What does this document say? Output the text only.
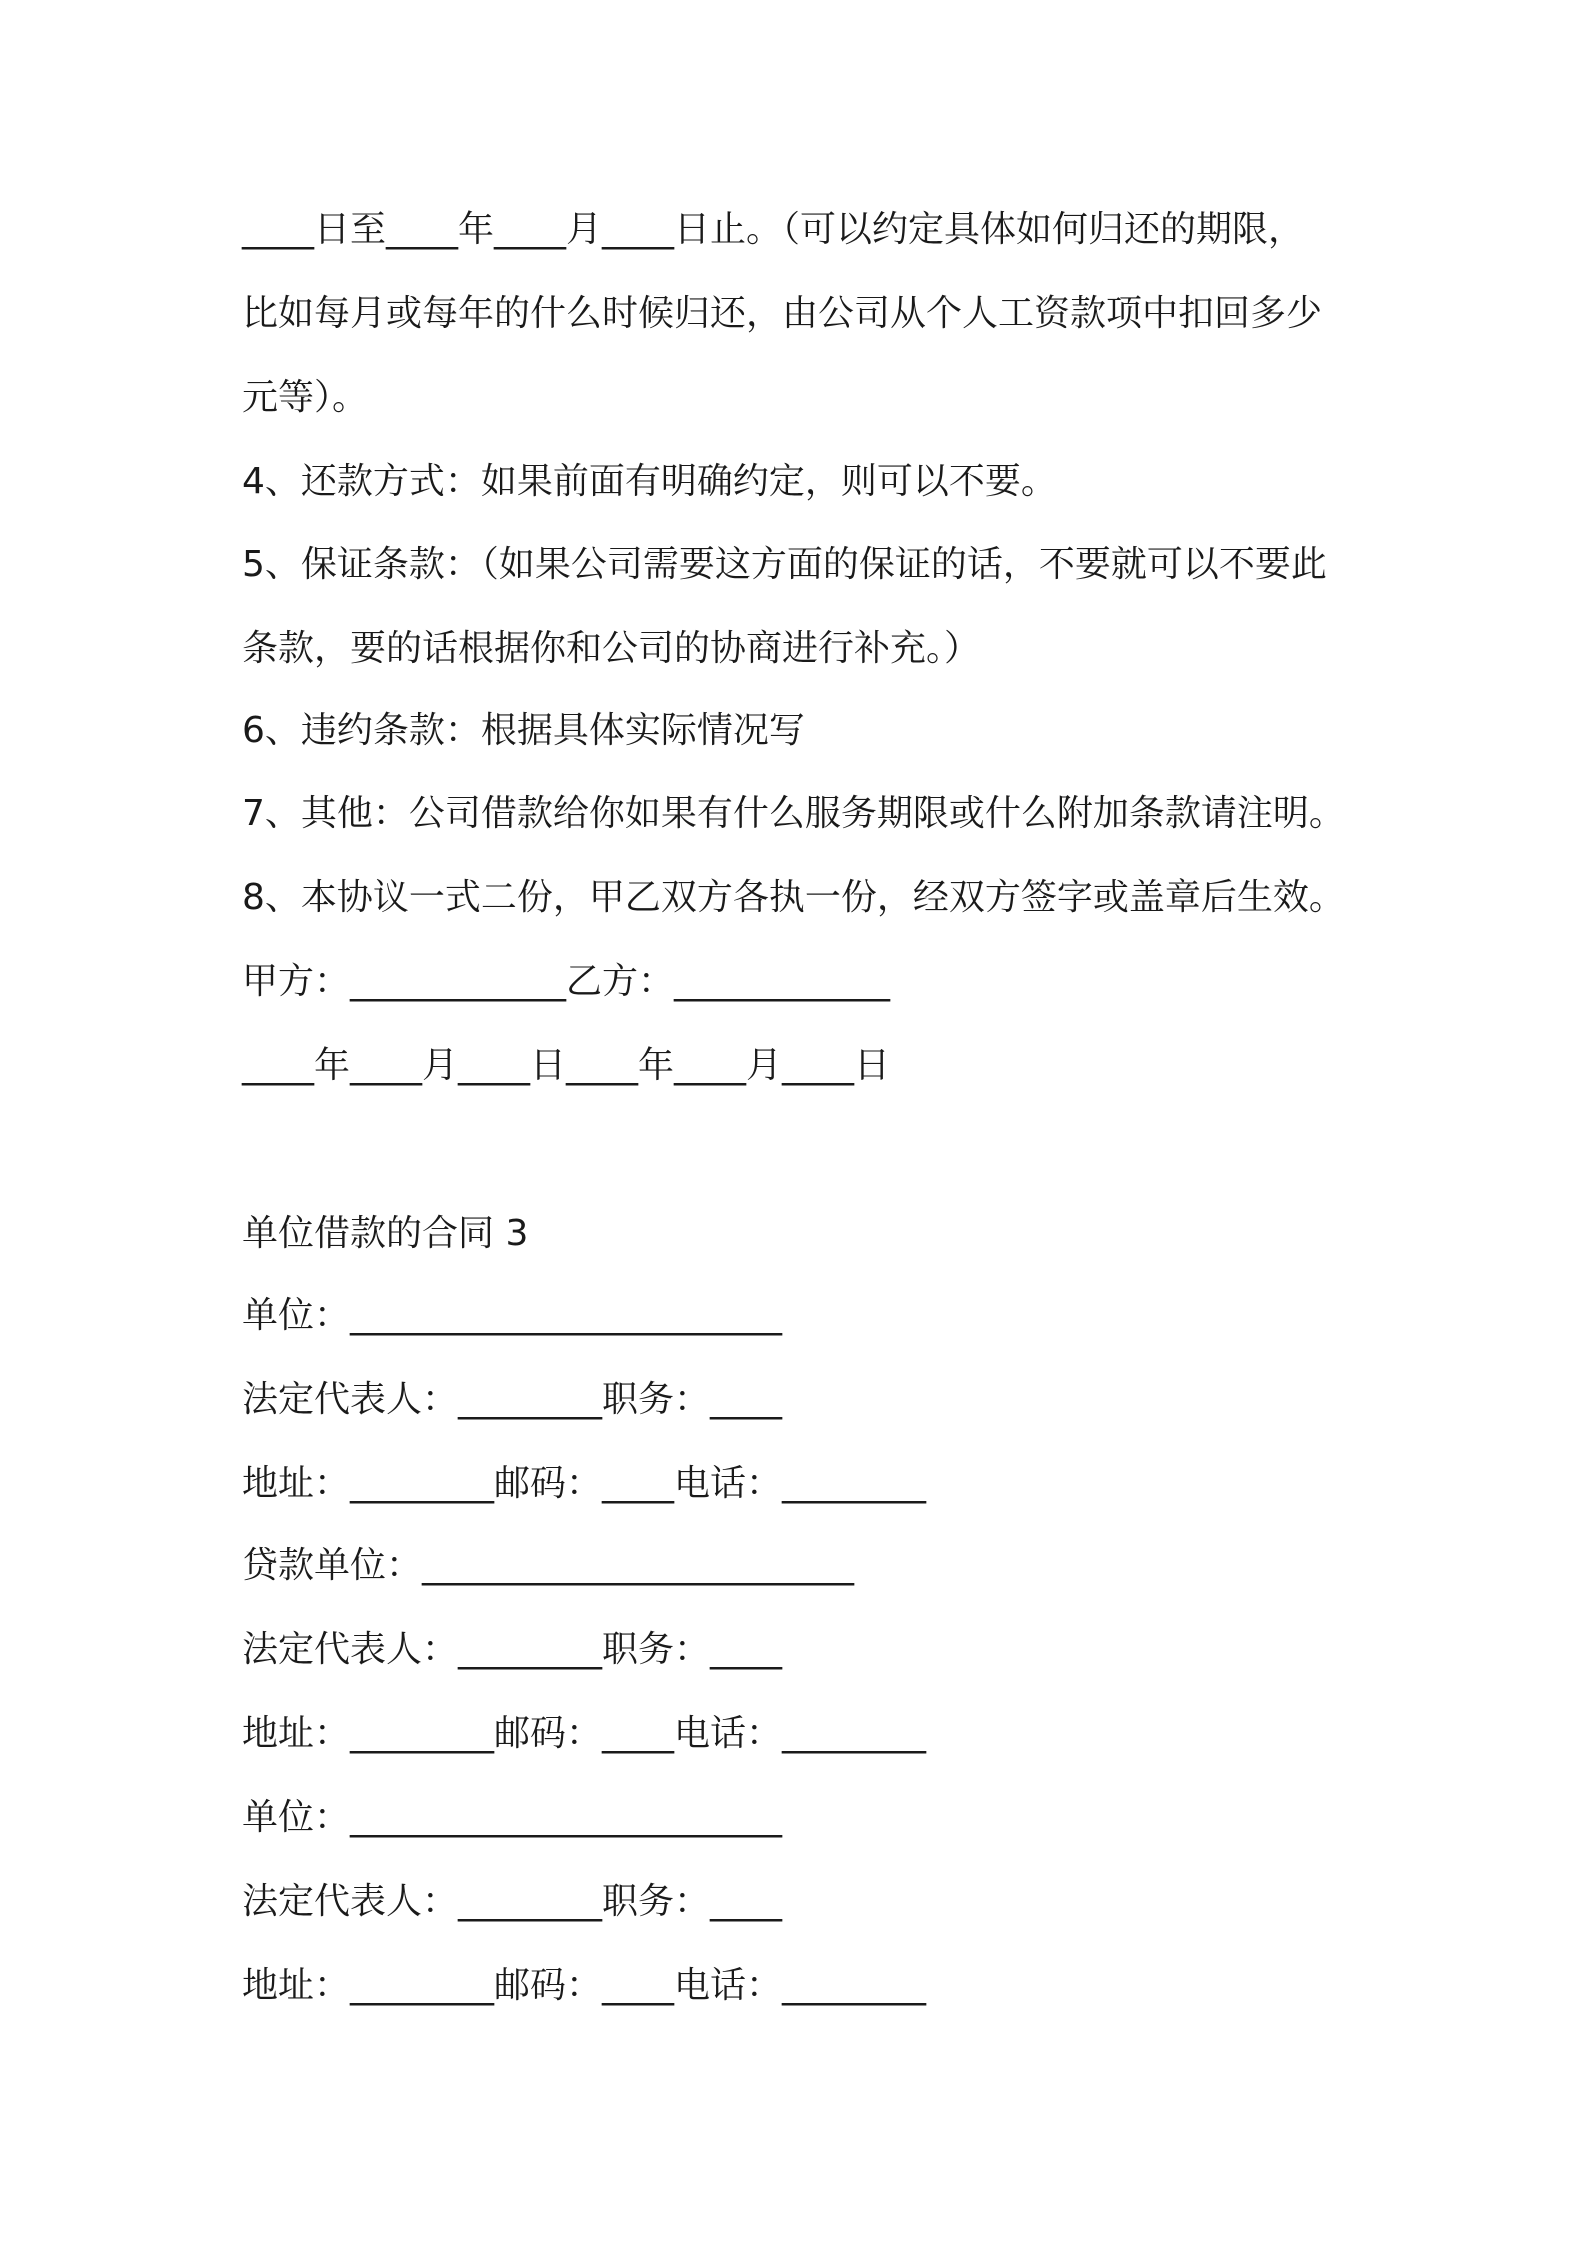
____日至____年____月____日止。（可以约定具体如何归还的期限，
比如每月或每年的什么时候归还，由公司从个人工资款项中扣回多少
元等）。
4、还款方式：如果前面有明确约定，则可以不要。
5、保证条款：（如果公司需要这方面的保证的话，不要就可以不要此
条款，要的话根据你和公司的协商进行补充。）
6、违约条款：根据具体实际情况写
7、其他：公司借款给你如果有什么服务期限或什么附加条款请注明。
8、本协议一式二份，甲乙双方各执一份，经双方签字或盖章后生效。
甲方：____________乙方：____________
____年____月____日____年____月____日
单位借款的合同 3
单位：________________________
法定代表人：________职务：____
地址：________邮码：____电话：________
贷款单位：________________________
法定代表人：________职务：____
地址：________邮码：____电话：________
单位：________________________
法定代表人：________职务：____
地址：________邮码：____电话：________
